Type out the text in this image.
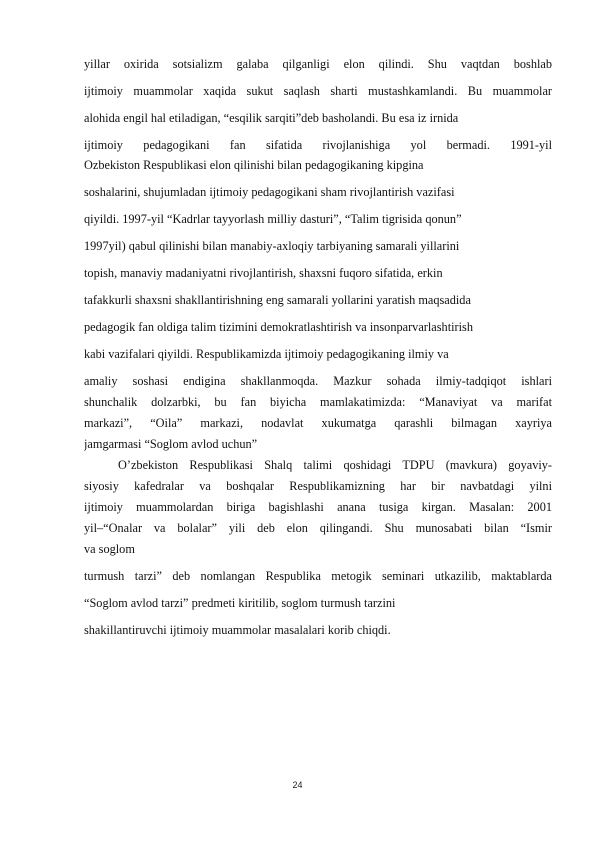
yillar oxirida sotsializm galaba qilganligi elon qilindi. Shu vaqtdan boshlab
ijtimoiy muammolar xaqida sukut saqlash sharti mustashkamlandi. Bu muammolar
alohida engil hal etiladigan, “esqilik sarqiti”deb basholandi. Bu esa iz irnida
ijtimoiy pedagogikani fan sifatida rivojlanishiga yol bermadi. 1991-yil
Ozbekiston Respublikasi elon qilinishi bilan pedagogikaning kipgina
soshalarini, shujumladan ijtimoiy pedagogikani sham rivojlantirish vazifasi
qiyildi. 1997-yil “Kadrlar tayyorlash milliy dasturi”, “Talim tigrisida qonun”
1997yil) qabul qilinishi bilan manabiy-axloqiy tarbiyaning samarali yillarini
topish, manaviy madaniyatni rivojlantirish, shaxsni fuqoro sifatida, erkin
tafakkurli shaxsni shakllantirishning eng samarali yollarini yaratish maqsadida
pedagogik fan oldiga talim tizimini demokratlashtirish va insonparvarlashtirish
kabi vazifalari qiyildi. Respublikamizda ijtimoiy pedagogikaning ilmiy va
amaliy soshasi endigina shakllanmoqda. Mazkur sohada ilmiy-tadqiqot ishlari
shunchalik dolzarbki, bu fan biyicha mamlakatimizda: “Manaviyat va marifat
markazi”, “Oila” markazi, nodavlat xukumatga qarashli bilmagan xayriya
jamgarmasi “Soglom avlod uchun”
O’zbekiston Respublikasi Shalq talimi qoshidagi TDPU (mavkura) goyaviy-
siyosiy kafedralar va boshqalar Respublikamizning har bir navbatdagi yilni
ijtimoiy muammolardan biriga bagishlashi anana tusiga kirgan. Masalan: 2001
yil–“Onalar va bolalar” yili deb elon qilingandi. Shu munosabati bilan “Ismir
va soglom
turmush tarzi” deb nomlangan Respublika metogik seminari utkazilib, maktablarda
“Soglom avlod tarzi” predmeti kiritilib, soglom turmush tarzini
shakillantiruvchi ijtimoiy muammolar masalalari korib chiqdi.
24
